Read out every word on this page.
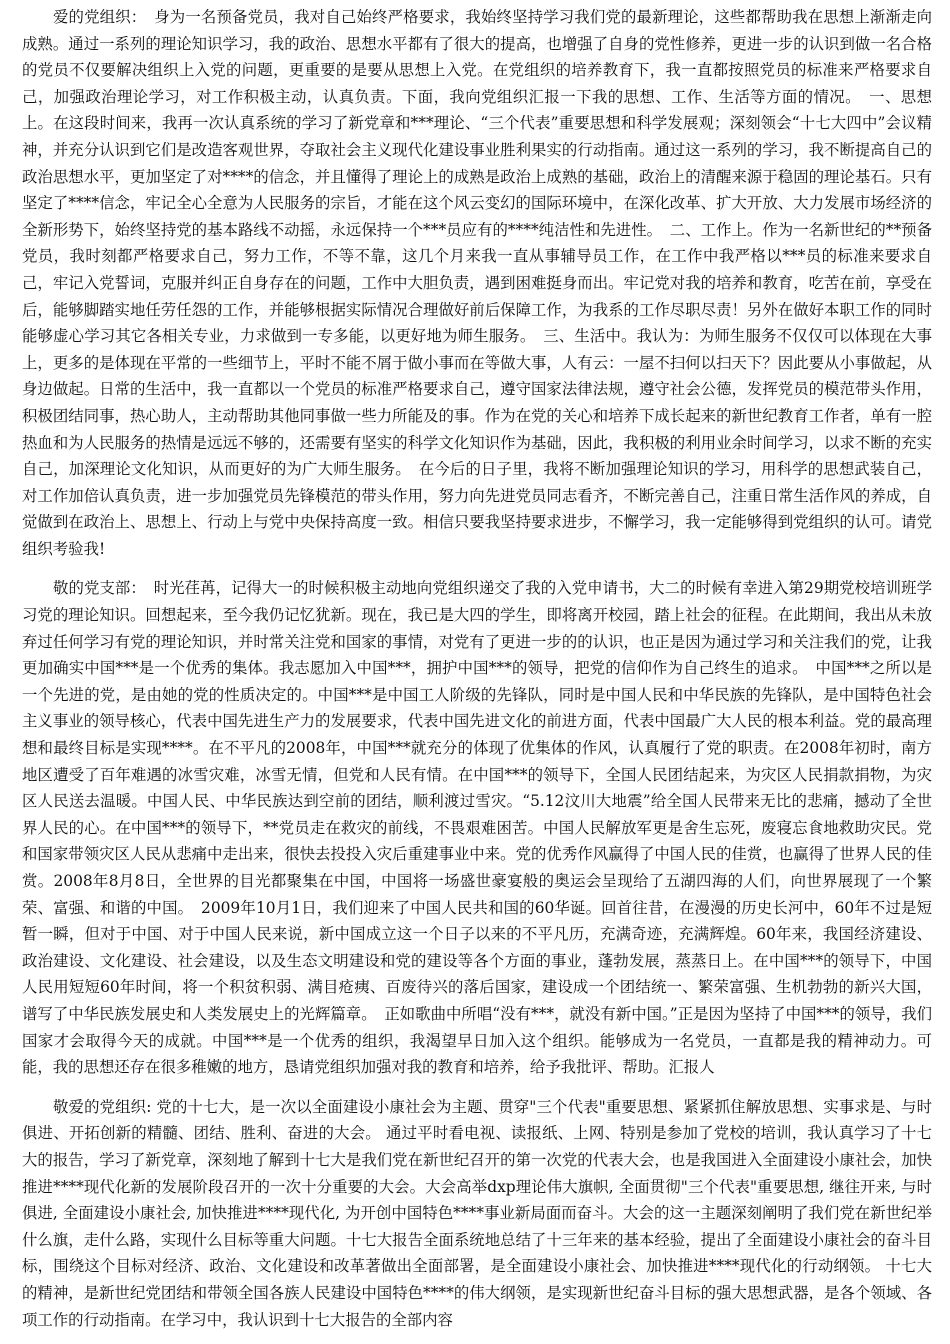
爱的党组织：　身为一名预备党员，我对自己始终严格要求，我始终坚持学习我们党的最新理论，这些都帮助我在思想上渐渐走向成熟。通过一系列的理论知识学习，我的政治、思想水平都有了很大的提高，也增强了自身的党性修养，更进一步的认识到做一名合格的党员不仅要解决组织上入党的问题，更重要的是要从思想上入党。在党组织的培养教育下，我一直都按照党员的标准来严格要求自己，加强政治理论学习，对工作积极主动，认真负责。下面，我向党组织汇报一下我的思想、工作、生活等方面的情况。　一、思想上。在这段时间来，我再一次认真系统的学习了新党章和***理论、“三个代表”重要思想和科学发展观；深刻领会“十七大四中”会议精神，并充分认识到它们是改造客观世界，夺取社会主义现代化建设事业胜利果实的行动指南。通过这一系列的学习，我不断提高自己的政治思想水平，更加坚定了对****的信念，并且懂得了理论上的成熟是政治上成熟的基础，政治上的清醒来源于稳固的理论基石。只有坚定了****信念，牢记全心全意为人民服务的宗旨，才能在这个风云变幻的国际环境中，在深化改革、扩大开放、大力发展市场经济的全新形势下，始终坚持党的基本路线不动摇，永远保持一个***员应有的****纯洁性和先进性。　二、工作上。作为一名新世纪的**预备党员，我时刻都严格要求自己，努力工作，不等不靠，这几个月来我一直从事辅导员工作，在工作中我严格以***员的标准来要求自己，牢记入党誓词，克服并纠正自身存在的问题，工作中大胆负责，遇到困难挺身而出。牢记党对我的培养和教育，吃苦在前，享受在后，能够脚踏实地任劳任怨的工作，并能够根据实际情况合理做好前后保障工作，为我系的工作尽职尽责！另外在做好本职工作的同时能够虚心学习其它各相关专业，力求做到一专多能，以更好地为师生服务。　三、生活中。我认为：为师生服务不仅仅可以体现在大事上，更多的是体现在平常的一些细节上，平时不能不屑于做小事而在等做大事，人有云：一屋不扫何以扫天下？因此要从小事做起，从身边做起。日常的生活中，我一直都以一个党员的标准严格要求自己，遵守国家法律法规，遵守社会公德，发挥党员的模范带头作用，积极团结同事，热心助人，主动帮助其他同事做一些力所能及的事。作为在党的关心和培养下成长起来的新世纪教育工作者，单有一腔热血和为人民服务的热情是远远不够的，还需要有坚实的科学文化知识作为基础，因此，我积极的利用业余时间学习，以求不断的充实自己，加深理论文化知识，从而更好的为广大师生服务。　在今后的日子里，我将不断加强理论知识的学习，用科学的思想武装自己，对工作加倍认真负责，进一步加强党员先锋模范的带头作用，努力向先进党员同志看齐，不断完善自己，注重日常生活作风的养成，自觉做到在政治上、思想上、行动上与党中央保持高度一致。相信只要我坚持要求进步，不懈学习，我一定能够得到党组织的认可。请党组织考验我!

敬的党支部：　时光荏苒，记得大一的时候积极主动地向党组织递交了我的入党申请书，大二的时候有幸进入第29期党校培训班学习党的理论知识。回想起来，至今我仍记忆犹新。现在，我已是大四的学生，即将离开校园，踏上社会的征程。在此期间，我出从未放弃过任何学习有党的理论知识，并时常关注党和国家的事情，对党有了更进一步的的认识，也正是因为通过学习和关注我们的党，让我更加确实中国***是一个优秀的集体。我志愿加入中国***，拥护中国***的领导，把党的信仰作为自己终生的追求。　中国***之所以是一个先进的党，是由她的党的性质决定的。中国***是中国工人阶级的先锋队，同时是中国人民和中华民族的先锋队，是中国特色社会主义事业的领导核心，代表中国先进生产力的发展要求，代表中国先进文化的前进方面，代表中国最广大人民的根本利益。党的最高理想和最终目标是实现****。在不平凡的2008年，中国***就充分的体现了优集体的作风，认真履行了党的职责。在2008年初时，南方地区遭受了百年难遇的冰雪灾难，冰雪无情，但党和人民有情。在中国***的领导下，全国人民团结起来，为灾区人民捐款捐物，为灾区人民送去温暖。中国人民、中华民族达到空前的团结，顺利渡过雪灾。“5.12汶川大地震”给全国人民带来无比的悲痛，撼动了全世界人民的心。在中国***的领导下，**党员走在救灾的前线，不畏艰难困苦。中国人民解放军更是舍生忘死，废寝忘食地救助灾民。党和国家带领灾区人民从悲痛中走出来，很快去投投入灾后重建事业中来。党的优秀作风赢得了中国人民的佳赏，也赢得了世界人民的佳赏。2008年8月8日，全世界的目光都聚集在中国，中国将一场盛世豪宴般的奥运会呈现给了五湖四海的人们，向世界展现了一个繁荣、富强、和谐的中国。　2009年10月1日，我们迎来了中国人民共和国的60华诞。回首往昔，在漫漫的历史长河中，60年不过是短暂一瞬，但对于中国、对于中国人民来说，新中国成立这一个日子以来的不平凡历，充满奇迹，充满辉煌。60年来，我国经济建设、政治建设、文化建设、社会建设，以及生态文明建设和党的建设等各个方面的事业，蓬勃发展，蒸蒸日上。在中国***的领导下，中国人民用短短60年时间，将一个积贫积弱、满目疮痍、百废待兴的落后国家，建设成一个团结统一、繁荣富强、生机勃勃的新兴大国，谱写了中华民族发展史和人类发展史上的光辉篇章。　正如歌曲中所唱“没有***，就没有新中国。”正是因为坚持了中国***的领导，我们国家才会取得今天的成就。中国***是一个优秀的组织，我渴望早日加入这个组织。能够成为一名党员，一直都是我的精神动力。可能，我的思想还存在很多稚嫩的地方，恳请党组织加强对我的教育和培养，给予我批评、帮助。汇报人

敬爱的党组织: 党的十七大，是一次以全面建设小康社会为主题、贯穿"三个代表"重要思想、紧紧抓住解放思想、实事求是、与时俱进、开拓创新的精髓、团结、胜利、奋进的大会。 通过平时看电视、读报纸、上网、特别是参加了党校的培训，我认真学习了十七大的报告，学习了新党章，深刻地了解到十七大是我们党在新世纪召开的第一次党的代表大会，也是我国进入全面建设小康社会，加快推进****现代化新的发展阶段召开的一次十分重要的大会。大会高举dxp理论伟大旗帜, 全面贯彻"三个代表"重要思想, 继往开来, 与时俱进, 全面建设小康社会, 加快推进****现代化, 为开创中国特色****事业新局面而奋斗。大会的这一主题深刻阐明了我们党在新世纪举什么旗，走什么路，实现什么目标等重大问题。十七大报告全面系统地总结了十三年来的基本经验，提出了全面建设小康社会的奋斗目标，围绕这个目标对经济、政治、文化建设和改革著做出全面部署，是全面建设小康社会、加快推进****现代化的行动纲领。 十七大的精神，是新世纪党团结和带领全国各族人民建设中国特色****的伟大纲领，是实现新世纪奋斗目标的强大思想武器，是各个领域、各项工作的行动指南。在学习中，我认识到十七大报告的全部内容
